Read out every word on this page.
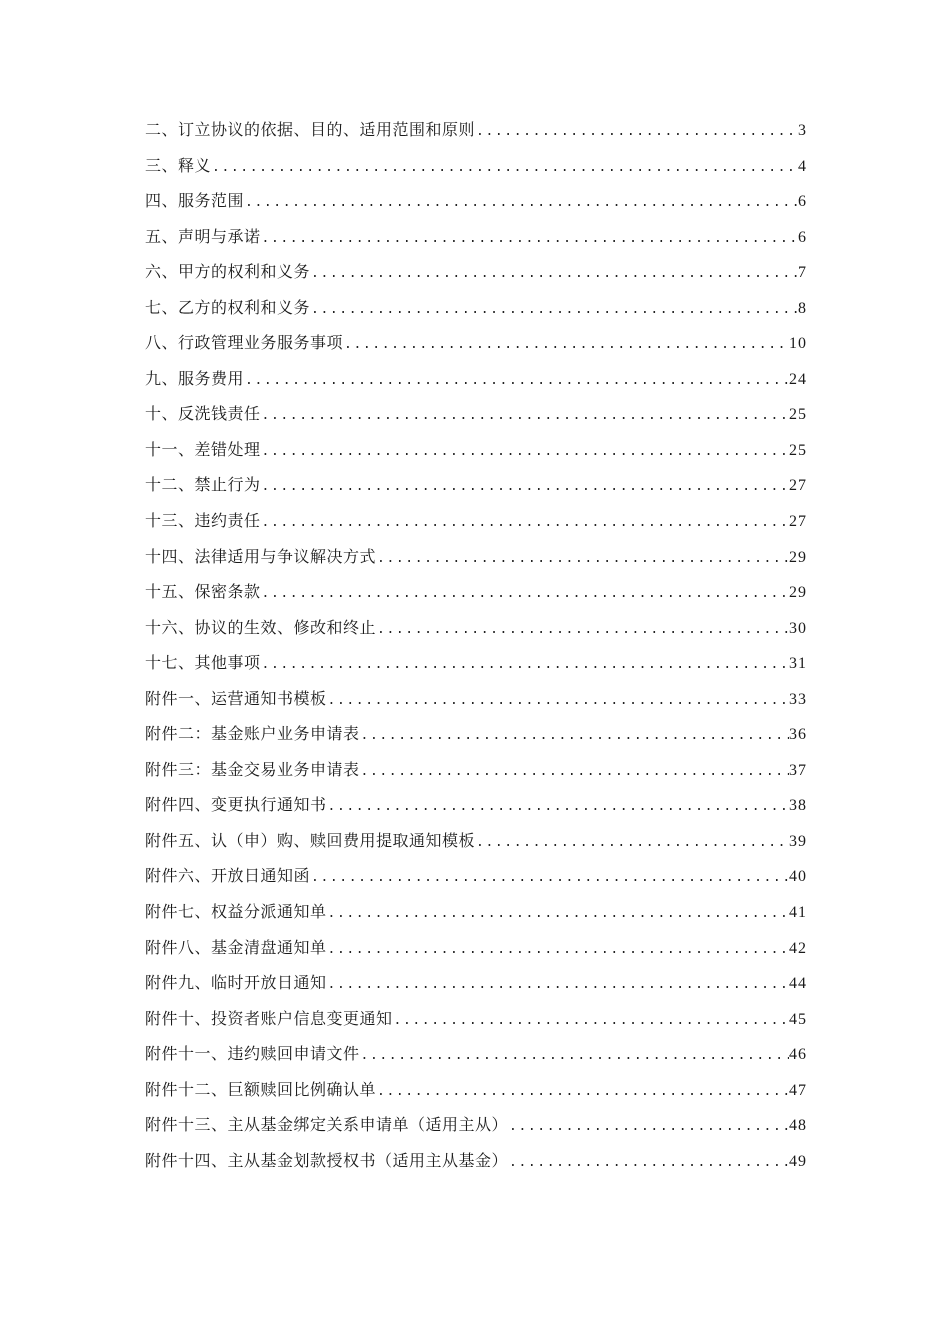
二、订立协议的依据、目的、适用范围和原则 .....	3
三、释义 .....	4
四、服务范围 .....	6
五、声明与承诺 .....	6
六、甲方的权利和义务 .....	7
七、乙方的权利和义务 .....	8
八、行政管理业务服务事项 .....	10
九、服务费用 .....	24
十、反洗钱责任 .....	25
十一、差错处理 .....	25
十二、禁止行为 .....	27
十三、违约责任 .....	27
十四、法律适用与争议解决方式 .....	29
十五、保密条款 .....	29
十六、协议的生效、修改和终止 .....	30
十七、其他事项 .....	31
附件一、运营通知书模板 .....	33
附件二：基金账户业务申请表 .....	36
附件三：基金交易业务申请表 .....	37
附件四、变更执行通知书 .....	38
附件五、认（申）购、赎回费用提取通知模板 .....	39
附件六、开放日通知函 .....	40
附件七、权益分派通知单 .....	41
附件八、基金清盘通知单 .....	42
附件九、临时开放日通知 .....	44
附件十、投资者账户信息变更通知 .....	45
附件十一、违约赎回申请文件 .....	46
附件十二、巨额赎回比例确认单 .....	47
附件十三、主从基金绑定关系申请单（适用主从） .....	48
附件十四、主从基金划款授权书（适用主从基金） .....	49
